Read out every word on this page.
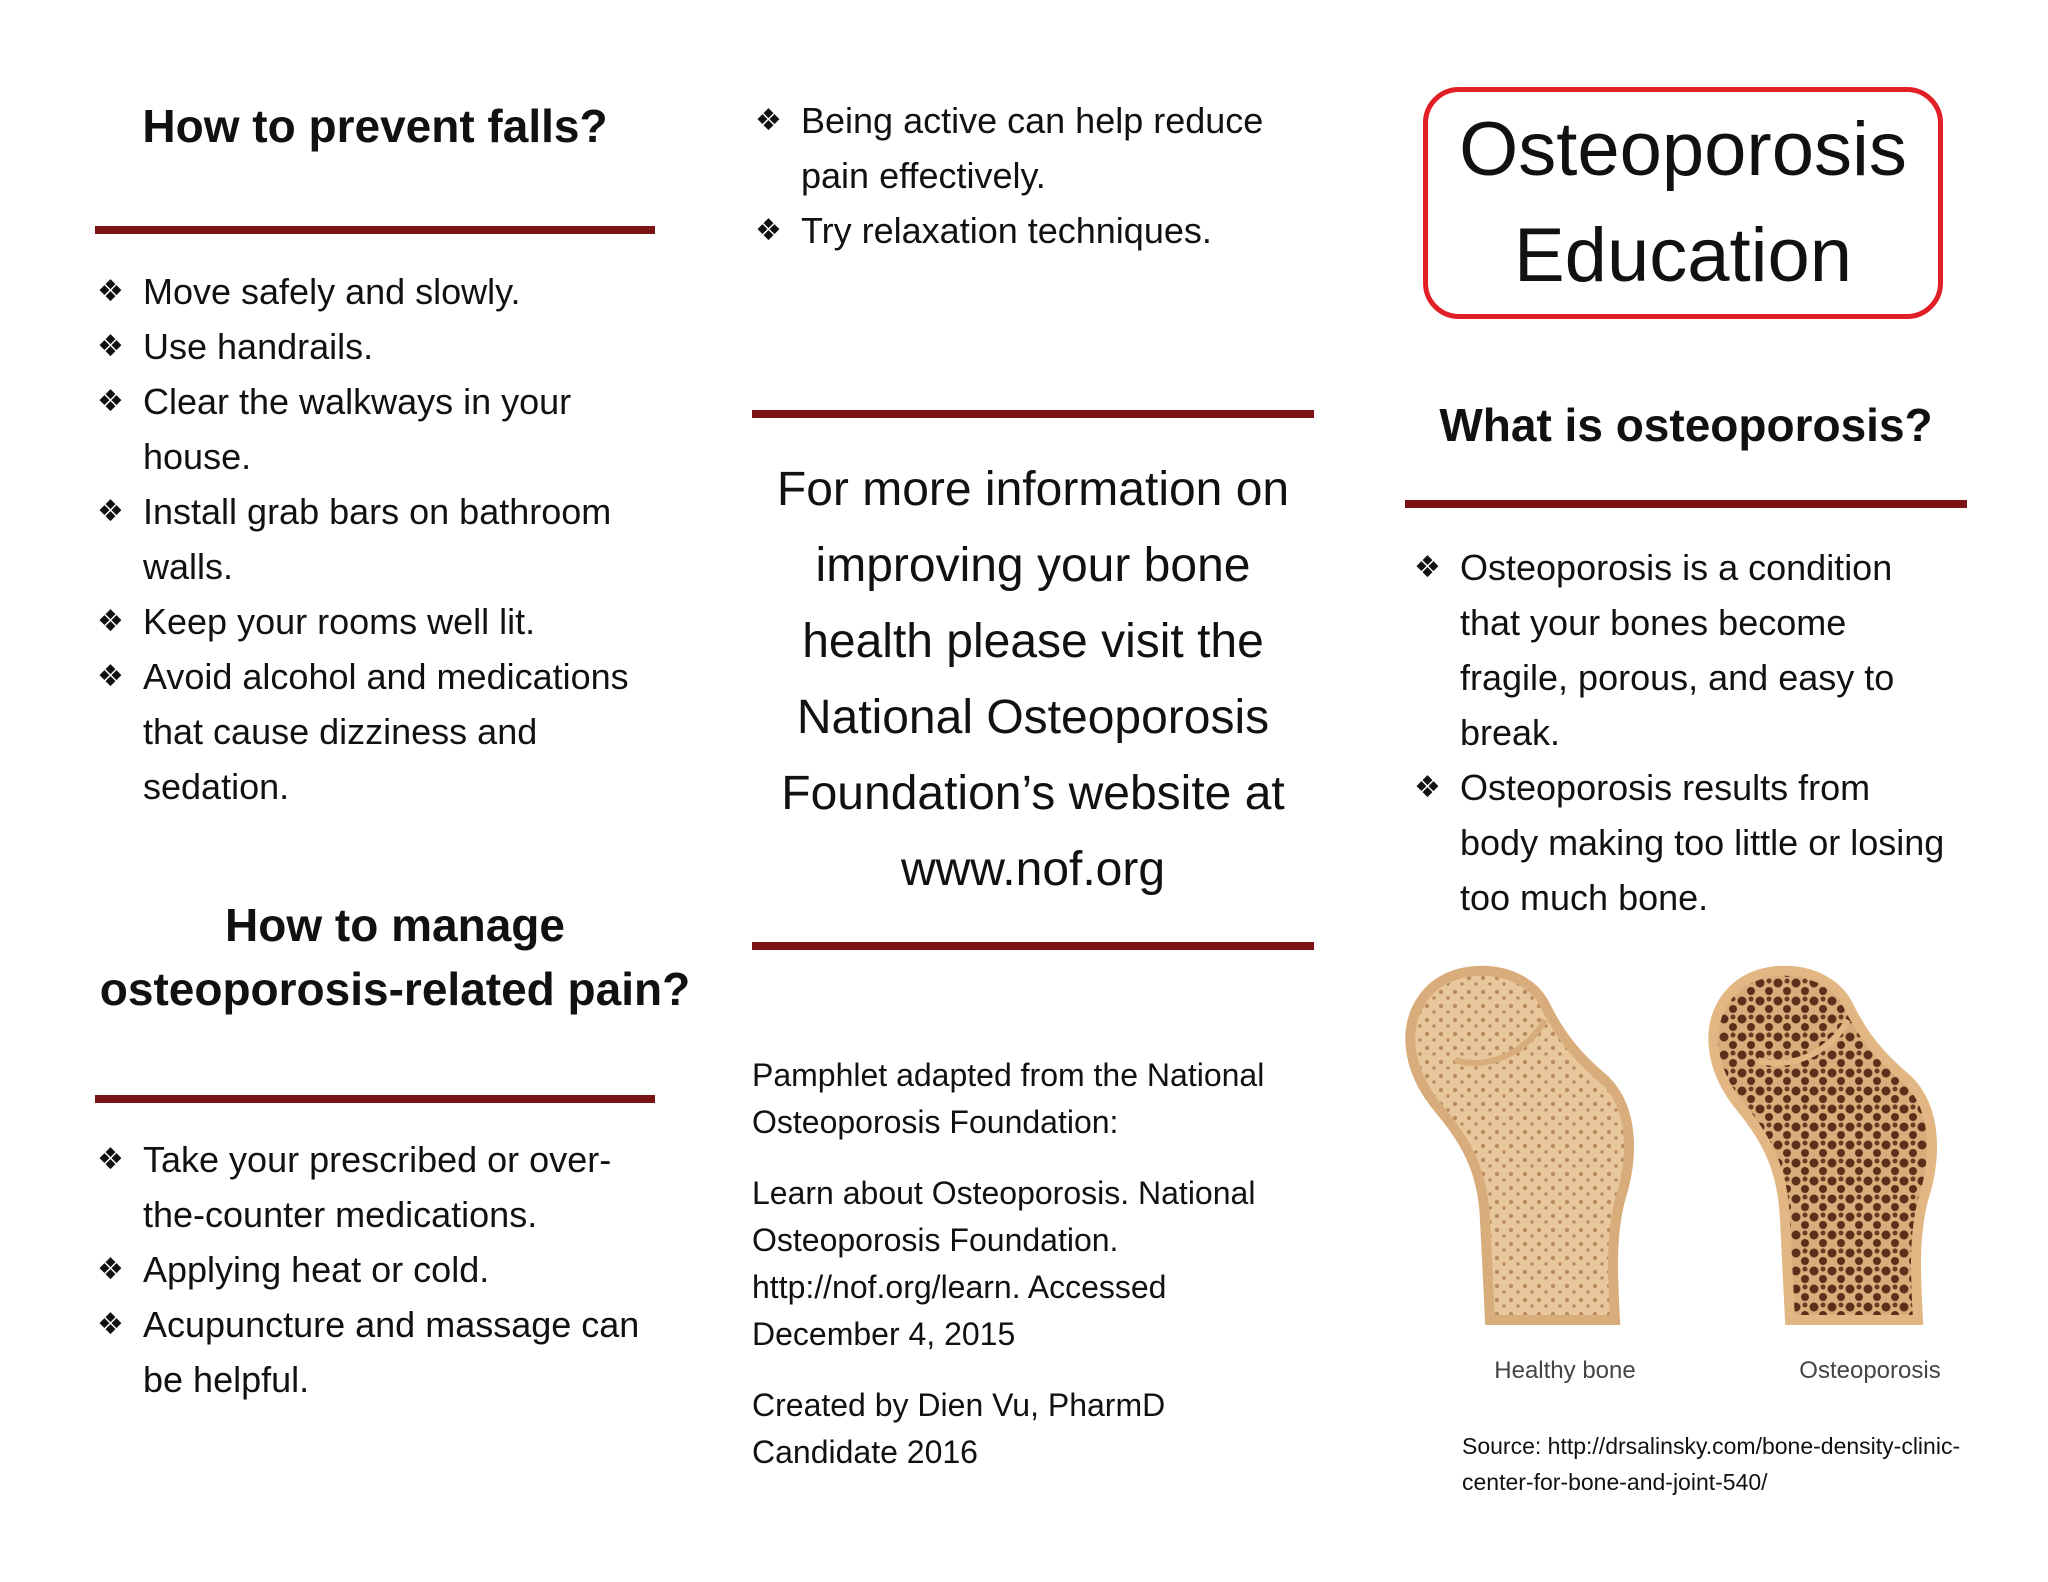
How to prevent falls?
❖ Move safely and slowly.
❖ Use handrails.
❖ Clear the walkways in your house.
❖ Install grab bars on bathroom walls.
❖ Keep your rooms well lit.
❖ Avoid alcohol and medications that cause dizziness and sedation.
How to manage
osteoporosis-related pain?
❖ Take your prescribed or over-the-counter medications.
❖ Applying heat or cold.
❖ Acupuncture and massage can be helpful.
❖ Being active can help reduce pain effectively.
❖ Try relaxation techniques.
For more information on improving your bone health please visit the National Osteoporosis Foundation’s website at www.nof.org
Pamphlet adapted from the National Osteoporosis Foundation:
Learn about Osteoporosis. National Osteoporosis Foundation. http://nof.org/learn. Accessed December 4, 2015
Created by Dien Vu, PharmD Candidate 2016
Osteoporosis
Education
What is osteoporosis?
❖ Osteoporosis is a condition that your bones become fragile, porous, and easy to break.
❖ Osteoporosis results from body making too little or losing too much bone.
Healthy bone	Osteoporosis
Source: http://drsalinsky.com/bone-density-clinic-center-for-bone-and-joint-540/
